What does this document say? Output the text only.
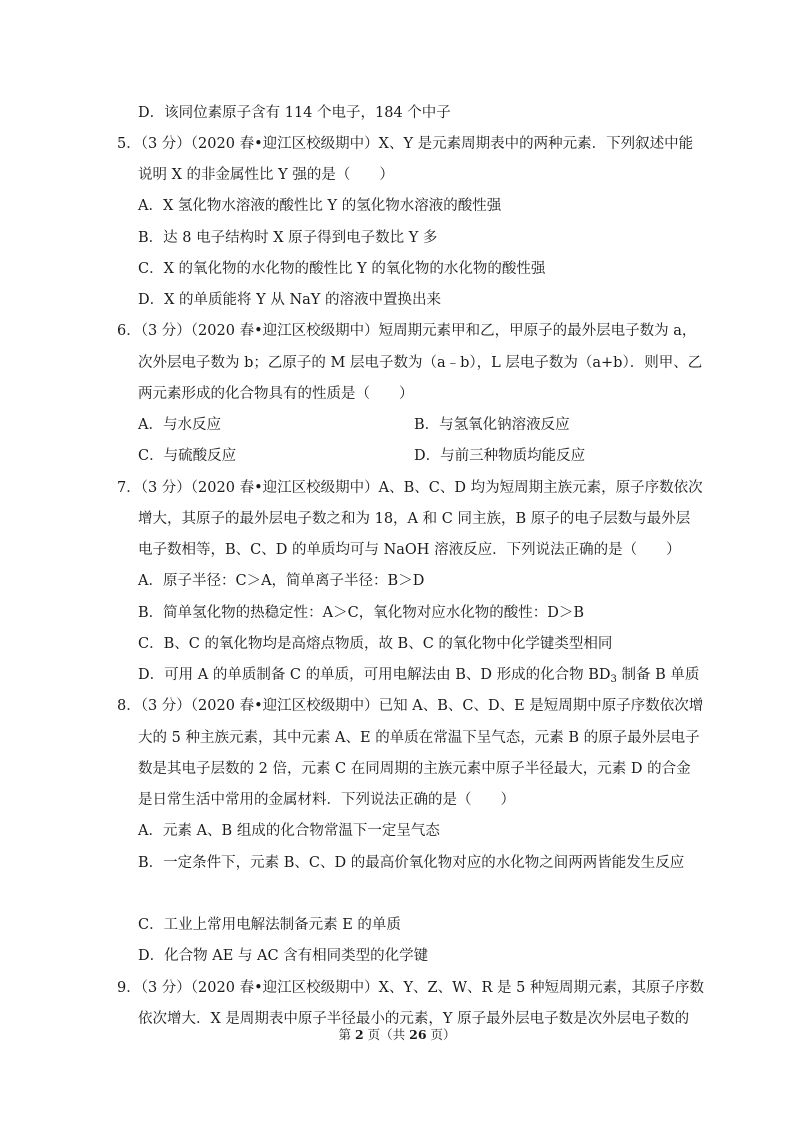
D．该同位素原子含有 114 个电子，184 个中子
5．（3 分）（2020 春•迎江区校级期中）X、Y 是元素周期表中的两种元素．下列叙述中能
说明 X 的非金属性比 Y 强的是（　　）
A．X 氢化物水溶液的酸性比 Y 的氢化物水溶液的酸性强
B．达 8 电子结构时 X 原子得到电子数比 Y 多
C．X 的氧化物的水化物的酸性比 Y 的氧化物的水化物的酸性强
D．X 的单质能将 Y 从 NaY 的溶液中置换出来
6．（3 分）（2020 春•迎江区校级期中）短周期元素甲和乙，甲原子的最外层电子数为 a，
次外层电子数为 b；乙原子的 M 层电子数为（a﹣b），L 层电子数为（a+b）．则甲、乙
两元素形成的化合物具有的性质是（　　）
A．与水反应	B．与氢氧化钠溶液反应
C．与硫酸反应	D．与前三种物质均能反应
7．（3 分）（2020 春•迎江区校级期中）A、B、C、D 均为短周期主族元素，原子序数依次
增大，其原子的最外层电子数之和为 18，A 和 C 同主族，B 原子的电子层数与最外层
电子数相等，B、C、D 的单质均可与 NaOH 溶液反应．下列说法正确的是（　　）
A．原子半径：C＞A，简单离子半径：B＞D
B．简单氢化物的热稳定性：A＞C，氧化物对应水化物的酸性：D＞B
C．B、C 的氧化物均是高熔点物质，故 B、C 的氧化物中化学键类型相同
D．可用 A 的单质制备 C 的单质，可用电解法由 B、D 形成的化合物 $BD_3$ 制备 B 单质
8．（3 分）（2020 春•迎江区校级期中）已知 A、B、C、D、E 是短周期中原子序数依次增
大的 5 种主族元素，其中元素 A、E 的单质在常温下呈气态，元素 B 的原子最外层电子
数是其电子层数的 2 倍，元素 C 在同周期的主族元素中原子半径最大，元素 D 的合金
是日常生活中常用的金属材料．下列说法正确的是（　　）
A．元素 A、B 组成的化合物常温下一定呈气态
B．一定条件下，元素 B、C、D 的最高价氧化物对应的水化物之间两两皆能发生反应
C．工业上常用电解法制备元素 E 的单质
D．化合物 AE 与 AC 含有相同类型的化学键
9．（3 分）（2020 春•迎江区校级期中）X、Y、Z、W、R 是 5 种短周期元素，其原子序数
依次增大．X 是周期表中原子半径最小的元素，Y 原子最外层电子数是次外层电子数的
第 2 页（共 26 页）
